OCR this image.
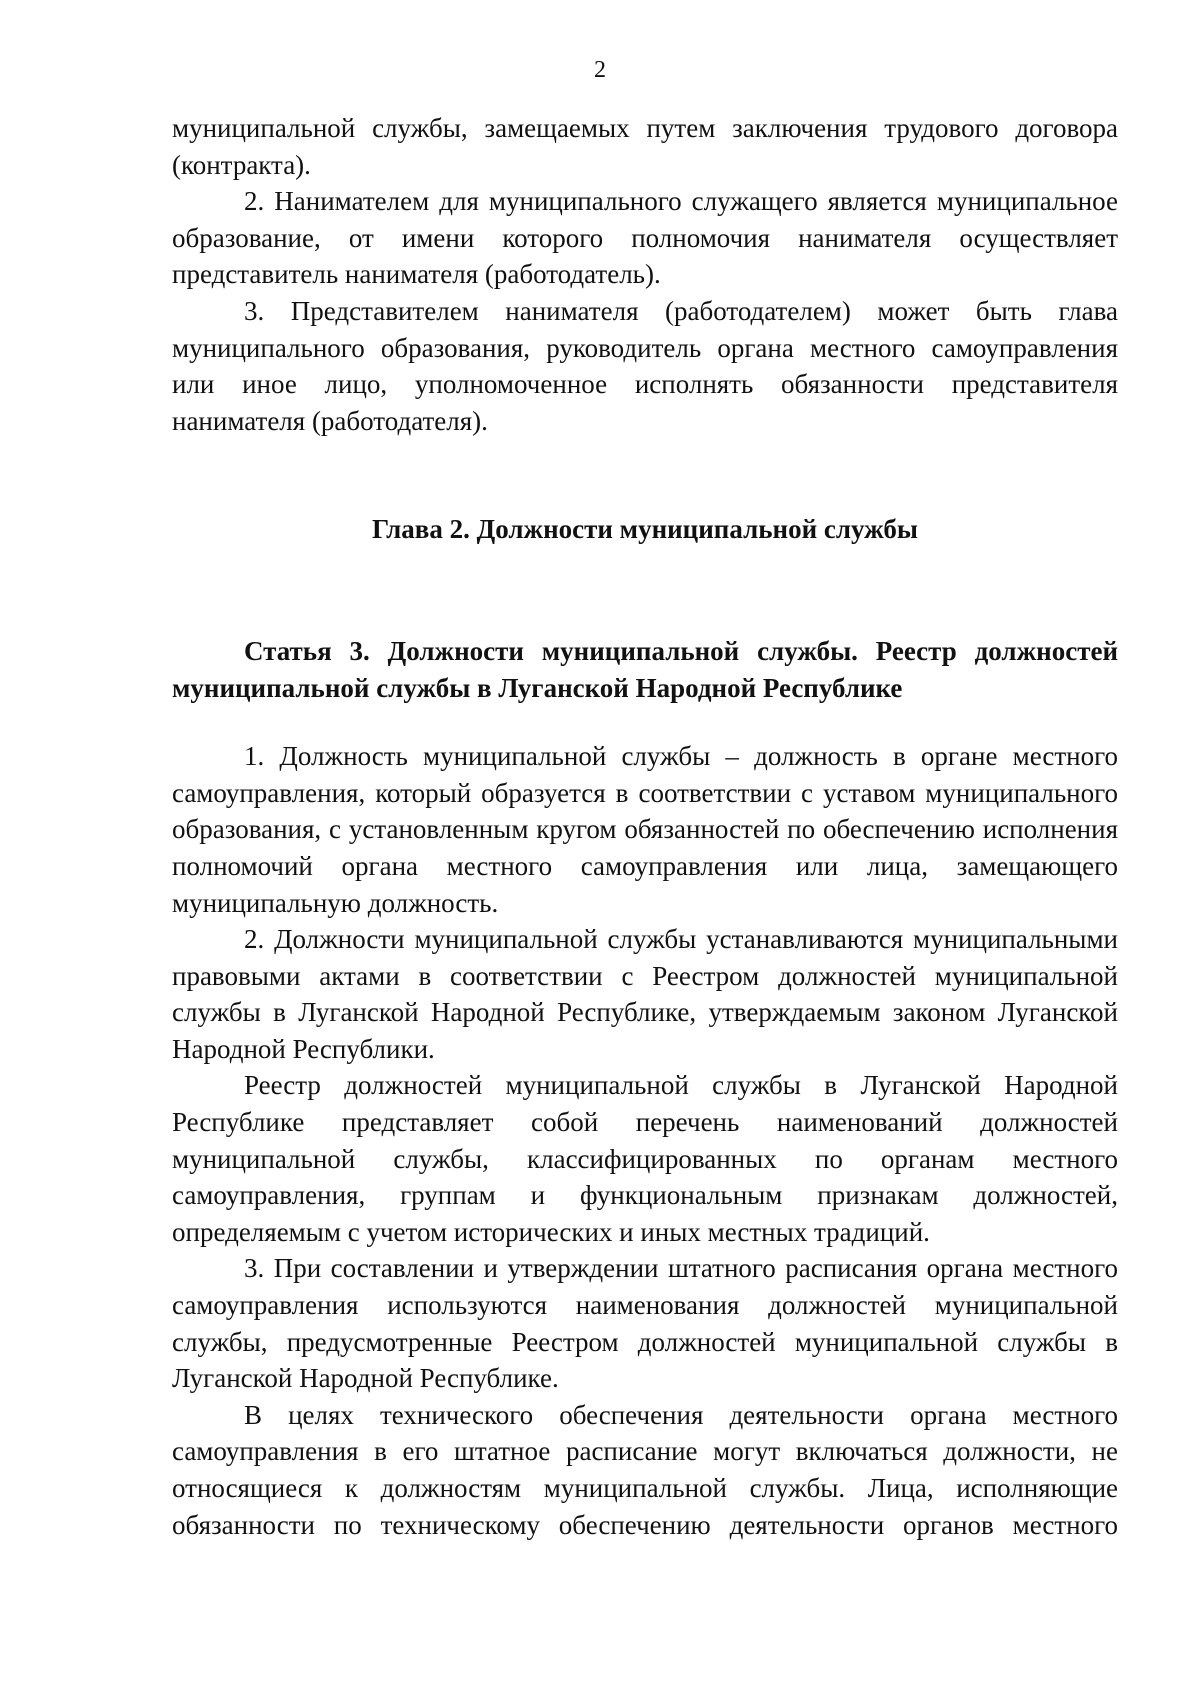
2

муниципальной службы, замещаемых путем заключения трудового договора (контракта).

2. Нанимателем для муниципального служащего является муниципальное образование, от имени которого полномочия нанимателя осуществляет представитель нанимателя (работодатель).

3. Представителем нанимателя (работодателем) может быть глава муниципального образования, руководитель органа местного самоуправления или иное лицо, уполномоченное исполнять обязанности представителя нанимателя (работодателя).

Глава 2. Должности муниципальной службы

Статья 3. Должности муниципальной службы. Реестр должностей муниципальной службы в Луганской Народной Республике

1. Должность муниципальной службы – должность в органе местного самоуправления, который образуется в соответствии с уставом муниципального образования, с установленным кругом обязанностей по обеспечению исполнения полномочий органа местного самоуправления или лица, замещающего муниципальную должность.

2. Должности муниципальной службы устанавливаются муниципальными правовыми актами в соответствии с Реестром должностей муниципальной службы в Луганской Народной Республике, утверждаемым законом Луганской Народной Республики.

Реестр должностей муниципальной службы в Луганской Народной Республике представляет собой перечень наименований должностей муниципальной службы, классифицированных по органам местного самоуправления, группам и функциональным признакам должностей, определяемым с учетом исторических и иных местных традиций.

3. При составлении и утверждении штатного расписания органа местного самоуправления используются наименования должностей муниципальной службы, предусмотренные Реестром должностей муниципальной службы в Луганской Народной Республике.

В целях технического обеспечения деятельности органа местного самоуправления в его штатное расписание могут включаться должности, не относящиеся к должностям муниципальной службы. Лица, исполняющие обязанности по техническому обеспечению деятельности органов местного
